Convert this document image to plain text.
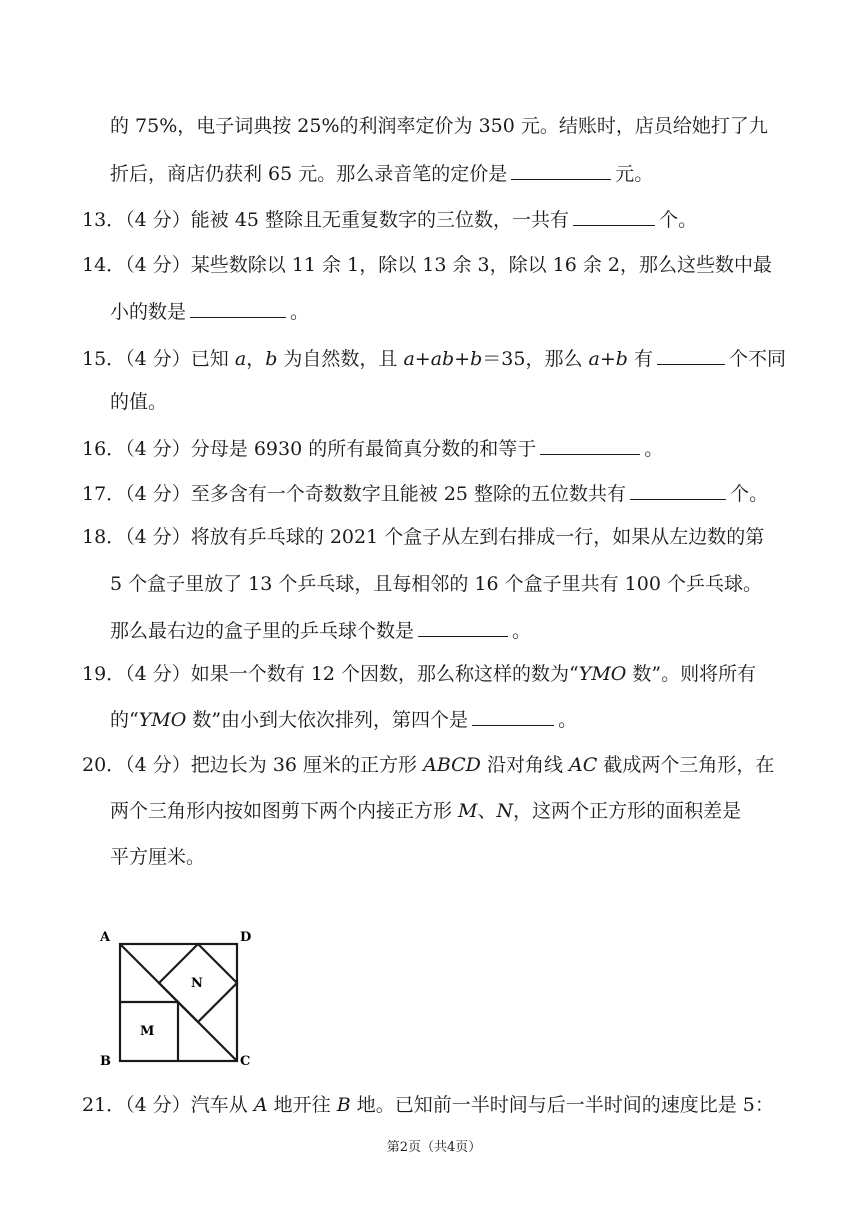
的 75%，电子词典按 25%的利润率定价为 350 元。结账时，店员给她打了九
折后，商店仍获利 65 元。那么录音笔的定价是	元。
13．（4 分）能被 45 整除且无重复数字的三位数，一共有	个。
14．（4 分）某些数除以 11 余 1，除以 13 余 3，除以 16 余 2，那么这些数中最
小的数是	。
15．（4 分）已知 a，b 为自然数，且 a+ab+b＝35，那么 a+b 有	个不同
的值。
16．（4 分）分母是 6930 的所有最简真分数的和等于	。
17．（4 分）至多含有一个奇数数字且能被 25 整除的五位数共有	个。
18．（4 分）将放有乒乓球的 2021 个盒子从左到右排成一行，如果从左边数的第
5 个盒子里放了 13 个乒乓球，且每相邻的 16 个盒子里共有 100 个乒乓球。
那么最右边的盒子里的乒乓球个数是	。
19．（4 分）如果一个数有 12 个因数，那么称这样的数为“YMO 数”。则将所有
的“YMO 数”由小到大依次排列，第四个是	。
20．（4 分）把边长为 36 厘米的正方形 ABCD 沿对角线 AC 截成两个三角形，在
两个三角形内按如图剪下两个内接正方形 M、N，这两个正方形的面积差是
平方厘米。
A	D
B	C
M
N
21．（4 分）汽车从 A 地开往 B 地。已知前一半时间与后一半时间的速度比是 5：
第2页（共4页）
